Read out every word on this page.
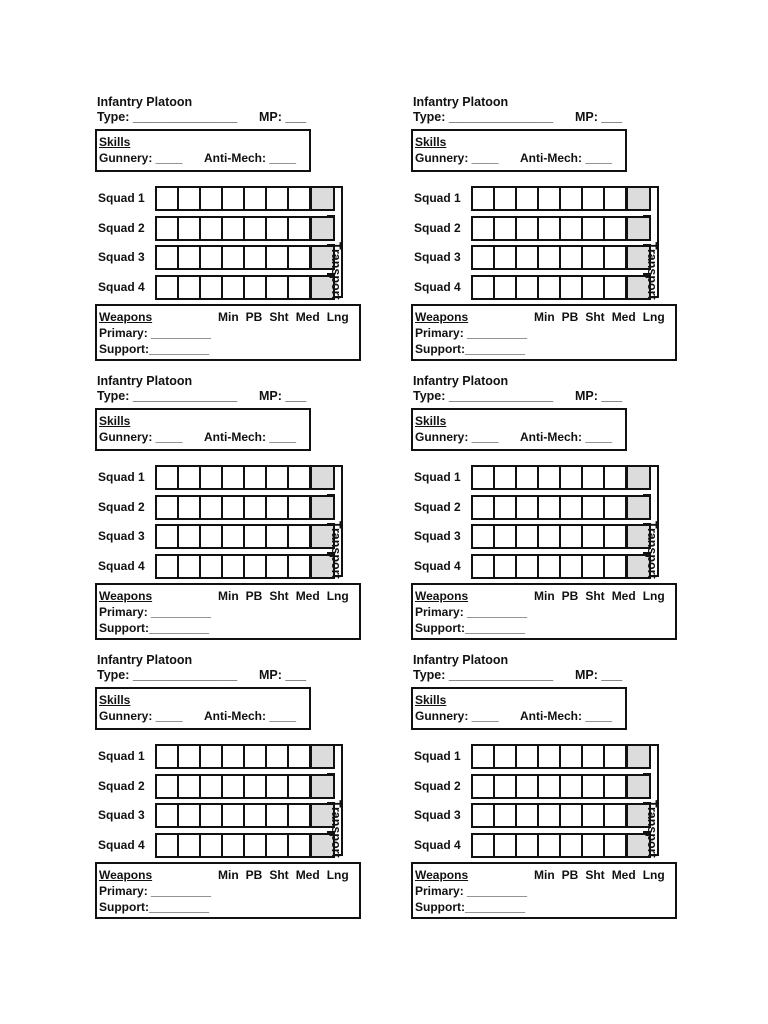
Infantry Platoon
Type: _______________ MP: ___
Skills
Gunnery: ____ Anti-Mech: ____
Squad 1
Squad 2
Squad 3
Squad 4	Transport
Weapons	Min PB Sht Med Lng
Primary: _________
Support:_________
Infantry Platoon
Type: _______________ MP: ___
Skills
Gunnery: ____ Anti-Mech: ____
Squad 1
Squad 2
Squad 3
Squad 4	Transport
Weapons	Min PB Sht Med Lng
Primary: _________
Support:_________
Infantry Platoon
Type: _______________ MP: ___
Skills
Gunnery: ____ Anti-Mech: ____
Squad 1
Squad 2
Squad 3
Squad 4	Transport
Weapons	Min PB Sht Med Lng
Primary: _________
Support:_________
Infantry Platoon
Type: _______________ MP: ___
Skills
Gunnery: ____ Anti-Mech: ____
Squad 1
Squad 2
Squad 3
Squad 4	Transport
Weapons	Min PB Sht Med Lng
Primary: _________
Support:_________
Infantry Platoon
Type: _______________ MP: ___
Skills
Gunnery: ____ Anti-Mech: ____
Squad 1
Squad 2
Squad 3
Squad 4	Transport
Weapons	Min PB Sht Med Lng
Primary: _________
Support:_________
Infantry Platoon
Type: _______________ MP: ___
Skills
Gunnery: ____ Anti-Mech: ____
Squad 1
Squad 2
Squad 3
Squad 4	Transport
Weapons	Min PB Sht Med Lng
Primary: _________
Support:_________
